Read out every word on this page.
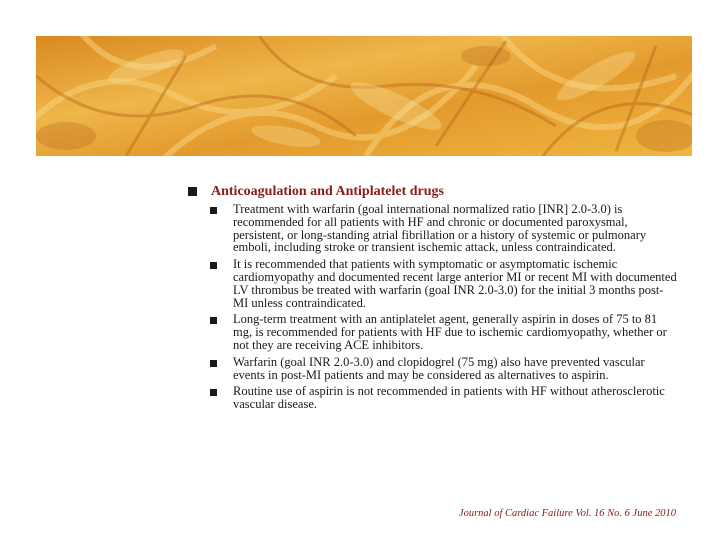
Anticoagulation and Antiplatelet drugs
Treatment with warfarin (goal international normalized ratio [INR] 2.0-3.0) is recommended for all patients with HF and chronic or documented paroxysmal, persistent, or long-standing atrial fibrillation or a history of systemic or pulmonary emboli, including stroke or transient ischemic attack, unless contraindicated.
It is recommended that patients with symptomatic or asymptomatic ischemic cardiomyopathy and documented recent large anterior MI or recent MI with documented LV thrombus be treated with warfarin (goal INR 2.0-3.0) for the initial 3 months post-MI unless contraindicated.
Long-term treatment with an antiplatelet agent, generally aspirin in doses of 75 to 81 mg, is recommended for patients with HF due to ischemic cardiomyopathy, whether or not they are receiving ACE inhibitors.
Warfarin (goal INR 2.0-3.0) and clopidogrel (75 mg) also have prevented vascular events in post-MI patients and may be considered as alternatives to aspirin.
Routine use of aspirin is not recommended in patients with HF without atherosclerotic vascular disease.
Journal of Cardiac Failure Vol. 16 No. 6 June 2010
